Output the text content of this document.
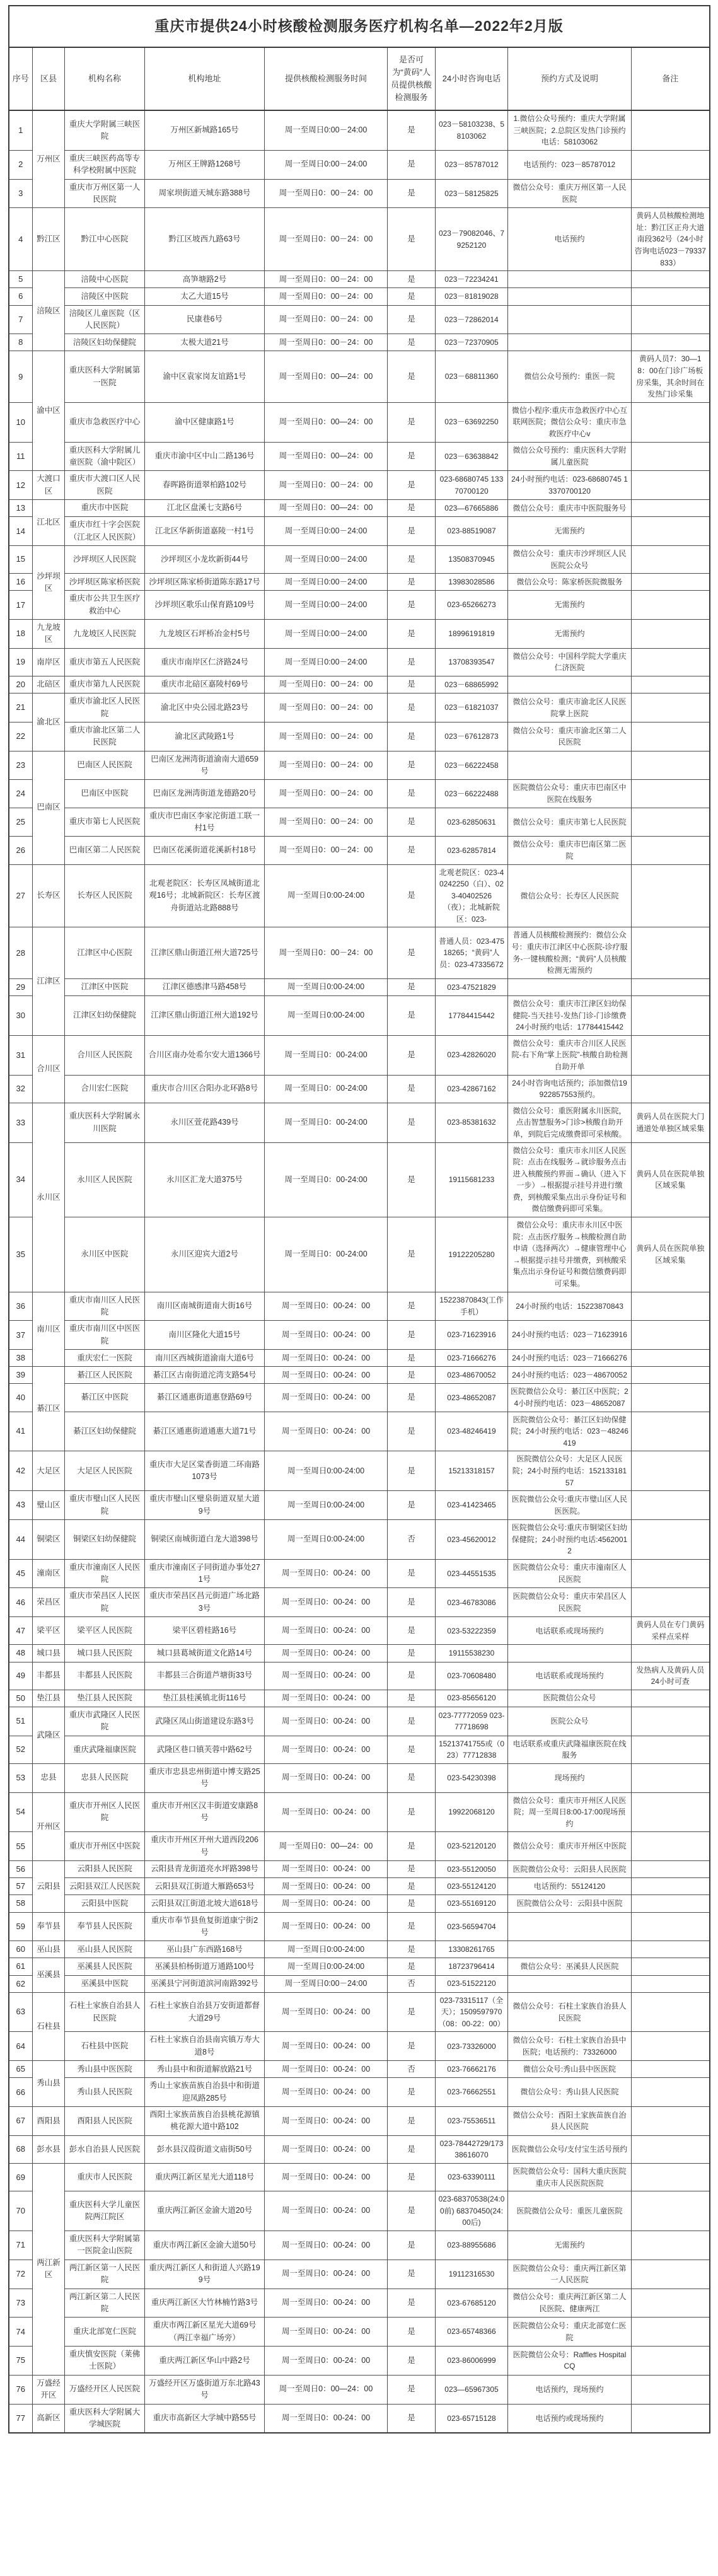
重庆市提供24小时核酸检测服务医疗机构名单—2022年2月版								
序号	区县	机构名称	机构地址	提供核酸检测服务时间	是否可为“黄码”人员提供核酸检测服务	24小时咨询电话	预约方式及说明	备注
1	万州区	重庆大学附属三峡医院	万州区新城路165号	周一至周日0:00－24:00	是	023－58103238、58103062	1.微信公众号预约：重庆大学附属三峡医院；2.总院区发热门诊预约电话：58103062	
2		重庆三峡医药高等专科学校附属中医院	万州区王牌路1268号	周一至周日0:00－24:00	是	023－85787012	电话预约：023－85787012	
3		重庆市万州区第一人民医院	周家坝街道天城东路388号	周一至周日0：00－24：00	是	023－58125825	微信公众号：重庆万州区第一人民医院	
4	黔江区	黔江中心医院	黔江区坡西九路63号	周一至周日0：00－24：00	是	023－79082046、79252120	电话预约	黄码人员核酸检测地址：黔江区正舟大道南段362号（24小时咨询电话023－79337833）
5	涪陵区	涪陵中心医院	高笋塘路2号	周一至周日0：00－24：00	是	023－72234241		
6		涪陵区中医院	太乙大道15号	周一至周日0：00－24：00	是	023－81819028		
7		涪陵区儿童医院（区人民医院）	民康巷6号	周一至周日0：00－24：00	是	023－72862014		
8		涪陵区妇幼保健院	太极大道21号	周一至周日0：00－24：00	是	023－72370905		
9	渝中区	重庆医科大学附属第一医院	渝中区袁家岗友谊路1号	周一至周日0：00—24：00	是	023－68811360	微信公众号预约：重医一院	黄码人员7：30—18：00在门诊广场板房采集，其余时间在发热门诊采集
10		重庆市急救医疗中心	渝中区健康路1号	周一至周日0：00—24：00	是	023－63692250	微信小程序:重庆市急救医疗中心互联网医院；微信公众号：重庆市急救医疗中心v	
11		重庆医科大学附属儿童医院（渝中院区）	重庆市渝中区中山二路136号	周一至周日0：00—24：00	是	023－63638842	微信公众号预约：重庆医科大学附属儿童医院	
12	大渡口区	重庆市大渡口区人民医院	春晖路街道翠柏路102号	周一至周日0：00－24：00	是	023-68680745 13370700120	24小时预约电话：023-68680745 13370700120	
13	江北区	重庆市中医院	江北区盘溪七支路6号	周一至周日0：00—24：00	是	023—67665886	微信公众号：重庆市中医院服务号	
14		重庆市红十字会医院（江北区人民医院）	江北区华新街道嘉陵一村1号	周一至周日0:00－24:00	是	023-88519087	无需预约	
15	沙坪坝区	沙坪坝区人民医院	沙坪坝区小龙坎新街44号	周一至周日0:00－24:00	是	13508370945	微信公众号：重庆市沙坪坝区人民医院公众号	
16		沙坪坝区陈家桥医院	沙坪坝区陈家桥街道陈东路17号	周一至周日0:00－24:00	是	13983028586	微信公众号：陈家桥医院微服务	
17		重庆市公共卫生医疗救治中心	沙坪坝区歌乐山保育路109号	周一至周日0:00－24:00	是	023-65266273	无需预约	
18	九龙坡区	九龙坡区人民医院	九龙坡区石坪桥冶金村5号	周一至周日0:00－24:00	是	18996191819	无需预约	
19	南岸区	重庆市第五人民医院	重庆市南岸区仁济路24号	周一至周日0:00－24:00	是	13708393547	微信公众号：中国科学院大学重庆仁济医院	
20	北碚区	重庆市第九人民医院	重庆市北碚区嘉陵村69号	周一至周日0：00－24：00	是	023－68865992		
21	渝北区	重庆市渝北区人民医院	渝北区中央公园北路23号	周一至周日0：00－24：00	是	023－61821037	微信公众号：重庆市渝北区人民医院掌上医院	
22		重庆市渝北区第二人民医院	渝北区武陵路1号	周一至周日0：00－24：00	是	023－67612873	微信公众号：重庆市渝北区第二人民医院	
23	巴南区	巴南区人民医院	巴南区龙洲湾街道渝南大道659号	周一至周日0：00－24：00	是	023－66222458		
24		巴南区中医院	巴南区龙洲湾街道龙德路20号	周一至周日0：00－24：00	是	023－66222488	医院微信公众号：重庆市巴南区中医院在线服务	
25		重庆市第七人民医院	重庆市巴南区李家沱街道工联一村1号	周一至周日0：00－24：00	是	023-62850631	微信公众号：重庆市第七人民医院	
26		巴南区第二人民医院	巴南区花溪街道花溪新村18号	周一至周日0：00－24：00	是	023-62857814	微信公众号：重庆市巴南区第二医院	
27	长寿区	长寿区人民医院	北观老院区：长寿区凤城街道北观16号；北城新院区：长寿区渡舟街道站北路888号	周一至周日0:00-24:00	是	北观老院区：023-40242250（白）、023-40402526（夜）；北城新院区：023-	微信公众号：长寿区人民医院	
28	江津区	江津区中心医院	江津区鼎山街道江州大道725号	周一至周日0：00－24：00	是	普通人员：023-47518265；“黄码”人员：023-47335672	普通人员核酸检测预约：微信公众号：重庆市江津区中心医院-诊疗服务-一键核酸检测；“黄码”人员核酸检测无需预约	
29		江津区中医院	江津区德感津马路458号	周一至周日0:00-24:00	是	023-47521829		
30		江津区妇幼保健院	江津区鼎山街道江州大道192号	周一至周日0:00-24:00	是	17784415442	微信公众号：重庆市江津区妇幼保健院-当天挂号-发热门诊-门诊缴费 24小时预约电话：17784415442	
31	合川区	合川区人民医院	合川区南办处希尔安大道1366号	周一至周日0：00-24:00	是	023-42826020	微信公众号：重庆市合川区人民医院-右下角“掌上医院”-核酸自助检测自助开单	
32		合川宏仁医院	重庆市合川区合阳办北环路8号	周一至周日0：00-24:00	是	023-42867162	24小时咨询电话预约；添加微信19922857553预约。	
33	永川区	重庆医科大学附属永川医院	永川区萱花路439号	周一至周日0：00-24:00	是	023-85381632	微信公众号：重医附属永川医院，点击智慧服务>门诊>核酸自助开单，到院后完成缴费即可采核酸。	黄码人员在医院大门通道处单独区域采集
34		永川区人民医院	永川区汇龙大道375号	周一至周日0：00-24:00	是	19115681233	微信公众号：重庆市永川区人民医院：点击在线服务→就诊服务点击进入核酸预约界面→确认（进入下一步）→根据提示挂号并进行缴费，到核酸采集点出示身份证号和微信缴费码即可采集。	黄码人员在医院单独区域采集
35		永川区中医院	永川区迎宾大道2号	周一至周日0：00-24:00	是	19122205280	微信公众号：重庆市永川区中医院：点击医疗服务→核酸检测自助申请（选择两次）→健康管理中心→根据提示挂号并缴费，到核酸采集点出示身份证号和微信缴费码即可采集。	黄码人员在医院单独区域采集
36	南川区	重庆市南川区人民医院	南川区南城街道南大街16号	周一至周日0：00-24：00	是	15223870843(工作手机）	24小时预约电话：15223870843	
37		重庆市南川区中医医院	南川区隆化大道15号	周一至周日0：00-24：00	是	023-71623916	24小时预约电话：023－71623916	
38		重庆宏仁一医院	南川区西城街道渝南大道6号	周一至周日0：00-24：00	是	023-71666276	24小时预约电话：023－71666276	
39	綦江区	綦江区人民医院	綦江区古南街道沱湾支路54号	周一至周日0：00-24：00	是	023-48670052	24小时预约电话：023－48670052	
40		綦江区中医院	綦江区通惠街道惠登路69号	周一至周日0：00-24：00	是	023-48652087	医院微信公众号：綦江区中医院；24小时预约电话：023－48652087	
41		綦江区妇幼保健院	綦江区通惠街道通惠大道71号	周一至周日0：00-24：00	是	023-48246419	医院微信公众号：綦江区妇幼保健院；24小时预约电话：023－48246419	
42	大足区	大足区人民医院	重庆市大足区棠香街道二环南路1073号	周一至周日0:00-24:00	是	15213318157	医院微信公众号：大足区人民医院；24小时预约电话：15213318157	
43	璧山区	重庆市璧山区人民医院	重庆市璧山区璧泉街道双星大道9号	周一至周日0:00-24:00	是	023-41423465	医院微信公众号:重庆市璧山区人民医医院。	
44	铜梁区	铜梁区妇幼保健院	铜梁区南城街道白龙大道398号	周一至周日0:00-24:00	否	023-45620012	医院微信公众号:重庆市铜梁区妇幼保健院；24小时预约电话:45620012	
45	潼南区	重庆市潼南区人民医院	重庆市潼南区子同街道办事处271号	周一至周日0：00-24：00	是	023-44551535	医院微信公众号：重庆市潼南区人民医院	
46	荣昌区	重庆市荣昌区人民医院	重庆市荣昌区昌元街道广场北路3号	周一至周日0：00-24：00	是	023-46783086	医院微信公众号：重庆市荣昌区人民医院	
47	梁平区	梁平区人民医院	梁平区碧桂路16号	周一至周日0：00-24：00	是	023-53222359	电话联系或现场预约	黄码人员在专门黄码采样点采样
48	城口县	城口县人民医院	城口县葛城街道文化路14号	周一至周日0：00-24：00	是	19115538230		
49	丰都县	丰都县人民医院	丰都县三合街道芦塘街33号	周一至周日0：00-24：00	是	023-70608480	电话联系或现场预约	发热病人及黄码人员24小时可查
50	垫江县	垫江县人民医院	垫江县桂溪镇北街116号	周一至周日0：00-24：00	是	023-85656120	医院微信公众号	
51	武隆区	重庆市武隆区人民医院	武隆区凤山街道建设东路3号	周一至周日0：00-24：00	是	023-77772059 023-77718698	医院公众号	
52		重庆武隆福康医院	武隆区巷口镇芙蓉中路62号	周一至周日0：00-24：00	是	15213741755或（023）77712838	电话联系或重庆武隆福康医院在线服务	
53	忠县	忠县人民医院	重庆市忠县忠州街道中博支路25号	周一至周日0：00-24：00	是	023-54230398	现场预约	
54	开州区	重庆市开州区人民医院	重庆市开州区汉丰街道安康路8号	周一至周日0：00-24：00	是	19922068120	微信公众号：重庆市开州区人民医院；周一至周日8:00-17:00现场预约	
55		重庆市开州区中医院	重庆市开州区开州大道西段206号	周一至周日0：00—24：00	是	023-52120120	微信公众号：重庆市开州区中医院	
56	云阳县	云阳县人民医院	云阳县青龙街道亮水坪路398号	周一至周日0：00-24：00	是	023-55120050	医院微信公众号：云阳县人民医院	
57		云阳县双江人民医院	云阳县双江街道大雁路653号	周一至周日0：00-24：00	是	023-55124120	电话预约：55124120	
58		云阳县中医院	云阳县双江街道北坡大道618号	周一至周日0：00-24：00	是	023-55169120	医院微信公众号：云阳县中医院	
59	奉节县	奉节县人民医院	重庆市奉节县鱼复街道康宁街2号	周一至周日0：00-24：00	是	023-56594704		
60	巫山县	巫山县人民医院	巫山县广东西路168号	周一至周日0:00-24:00	是	13308261765		
61	巫溪县	巫溪县人民医院	巫溪县柏杨街道万通路100号	周一至周日0:00-24:00	是	18723796414	微信公众号：巫溪县人民医院	
62		巫溪县中医院	巫溪县宁河街道滨河南路392号	周一至周日0:00－24:00	否	023-51522120		
63	石柱县	石柱土家族自治县人民医院	石柱土家族自治县万安街道都督大道29号	周一至周日0：00-24：00	是	023-73315117（全天）；1509597970（08：00-22：00）	微信公众号：石柱土家族自治县人民医院	
64		石柱县中医院	石柱土家族自治县南宾镇万寿大道8号	周一至周日0：00-24：00	是	023-73326000	微信公众号：石柱土家族自治县中医院；电话预约：73326000	
65	秀山县	秀山县中医医院	秀山县中和街道解放路21号	周一至周日0：00-24：00	否	023-76662176	微信公众号:秀山县中医医院	
66		秀山县人民医院	秀山土家族苗族自治县中和街道迎凤路285号	周一至周日0：00-24：00	是	023-76662551	微信公众号：秀山县人民医院	
67	酉阳县	酉阳县人民医院	酉阳土家族苗族自治县桃花源镇桃花源大道中路102	周一至周日0：00-24：00	是	023-75536511	微信公众号：酉阳土家族苗族自治县人民医院	
68	彭水县	彭水自治县人民医院	彭水县汉葭街道文庙街50号	周一至周日0：00-24：00	是	023-78442729/17338616070	医院微信公众号/支付宝生活号预约	
69	两江新区	重庆市人民医院	重庆两江新区星光大道118号	周一至周日0：00-24：00	是	023-63390111	医院微信公众号：国科大重庆医院 重庆市人民医院医院	
70		重庆医科大学儿童医院两江院区	重庆两江新区金渝大道20号	周一至周日0：00-24：00	是	023-68370538(24:00前) 68370450(24:00后)	医院微信公众号：重医儿童医院	
71		重庆医科大学附属第一医院金山医院	重庆市两江新区金渝大道50号	周一至周日0：00-24：00	是	023-88955686	无需预约	
72		两江新区第一人民医院	重庆两江新区人和街道人兴路199号	周一至周日0：00-24：00	是	19112316530	医院微信公众号：重庆两江新区第一人民医院	
73		两江新区第二人民医院	重庆两江新区大竹林楠竹路3号	周一至周日0：00-24：00	是	023-67685120	微信公众号：重庆两江新区第二人民医院、健康两江	
74		重庆北部宽仁医院	重庆市两江新区星光大道69号（两江幸福广场旁）	周一至周日0：00-24：00	是	023-65748366	医院微信公众号：重庆北部宽仁医院	
75		重庆慎安医院（莱佛士医院）	重庆两江新区华山中路2号	周一至周日0：00-24：00	是	023-86006999	医院微信公众号：Raffles Hospital CQ	
76	万盛经开区	万盛经开区人民医院	万盛经开区万盛街道万东北路43号	周一至周日0：00—24：00	是	023—65967305	电话预约，现场预约	
77	高新区	重庆医科大学附属大学城医院	重庆市高新区大学城中路55号	周一至周日0：00-24：00	是	023-65715128	电话预约或现场预约	
